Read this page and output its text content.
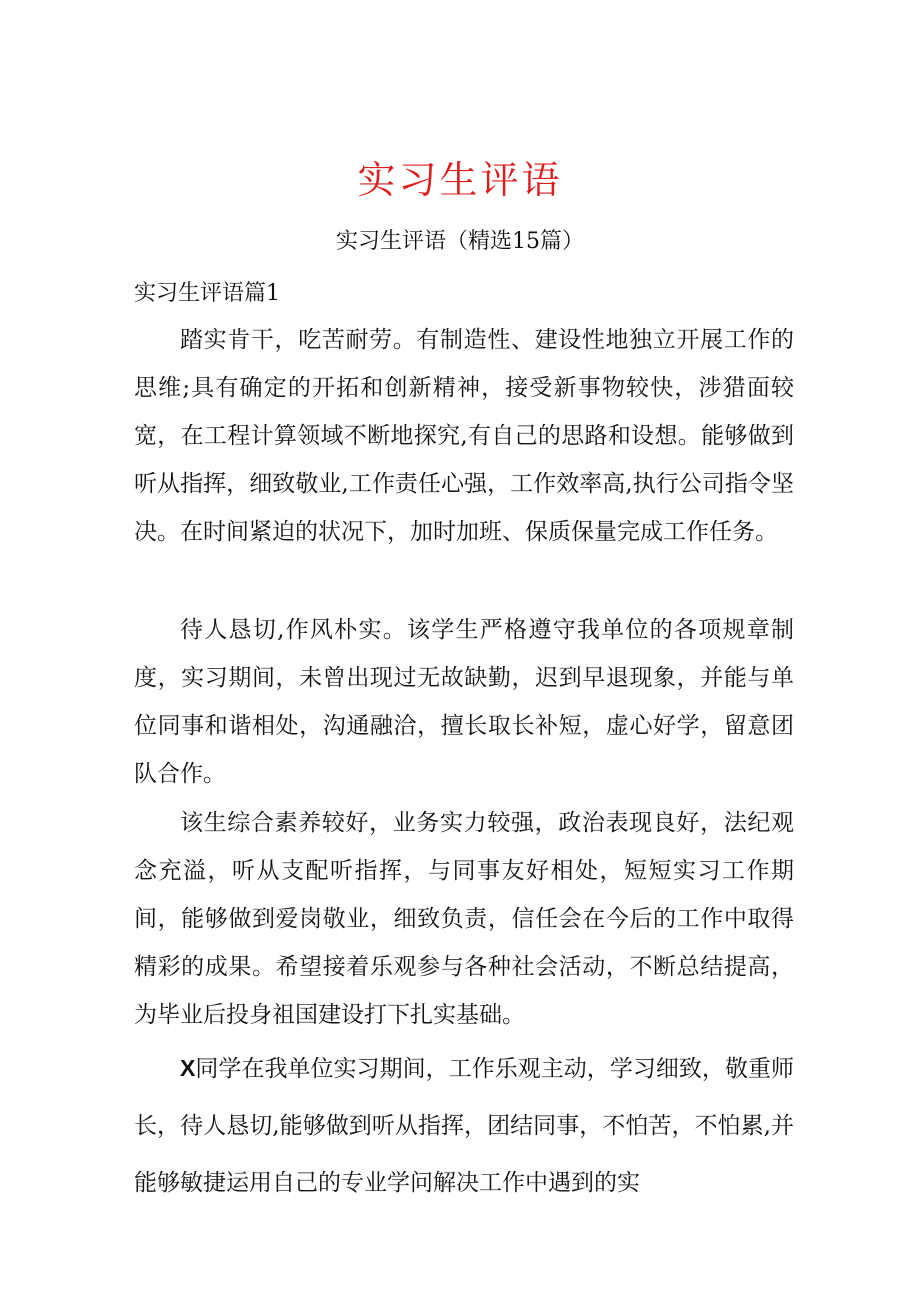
实习生评语
实习生评语（精选15篇）
实习生评语篇1

踏实肯干，吃苦耐劳。有制造性、建设性地独立开展工作的思维;具有确定的开拓和创新精神，接受新事物较快，涉猎面较宽，在工程计算领域不断地探究,有自己的思路和设想。能够做到听从指挥，细致敬业,工作责任心强，工作效率高,执行公司指令坚决。在时间紧迫的状况下，加时加班、保质保量完成工作任务。

待人恳切,作风朴实。该学生严格遵守我单位的各项规章制度，实习期间，未曾出现过无故缺勤，迟到早退现象，并能与单位同事和谐相处，沟通融洽，擅长取长补短，虚心好学，留意团队合作。

该生综合素养较好，业务实力较强，政治表现良好，法纪观念充溢，听从支配听指挥，与同事友好相处，短短实习工作期间，能够做到爱岗敬业，细致负责，信任会在今后的工作中取得精彩的成果。希望接着乐观参与各种社会活动，不断总结提高，为毕业后投身祖国建设打下扎实基础。

X同学在我单位实习期间，工作乐观主动，学习细致，敬重师长，待人恳切,能够做到听从指挥，团结同事，不怕苦，不怕累,并能够敏捷运用自己的专业学问解决工作中遇到的实
